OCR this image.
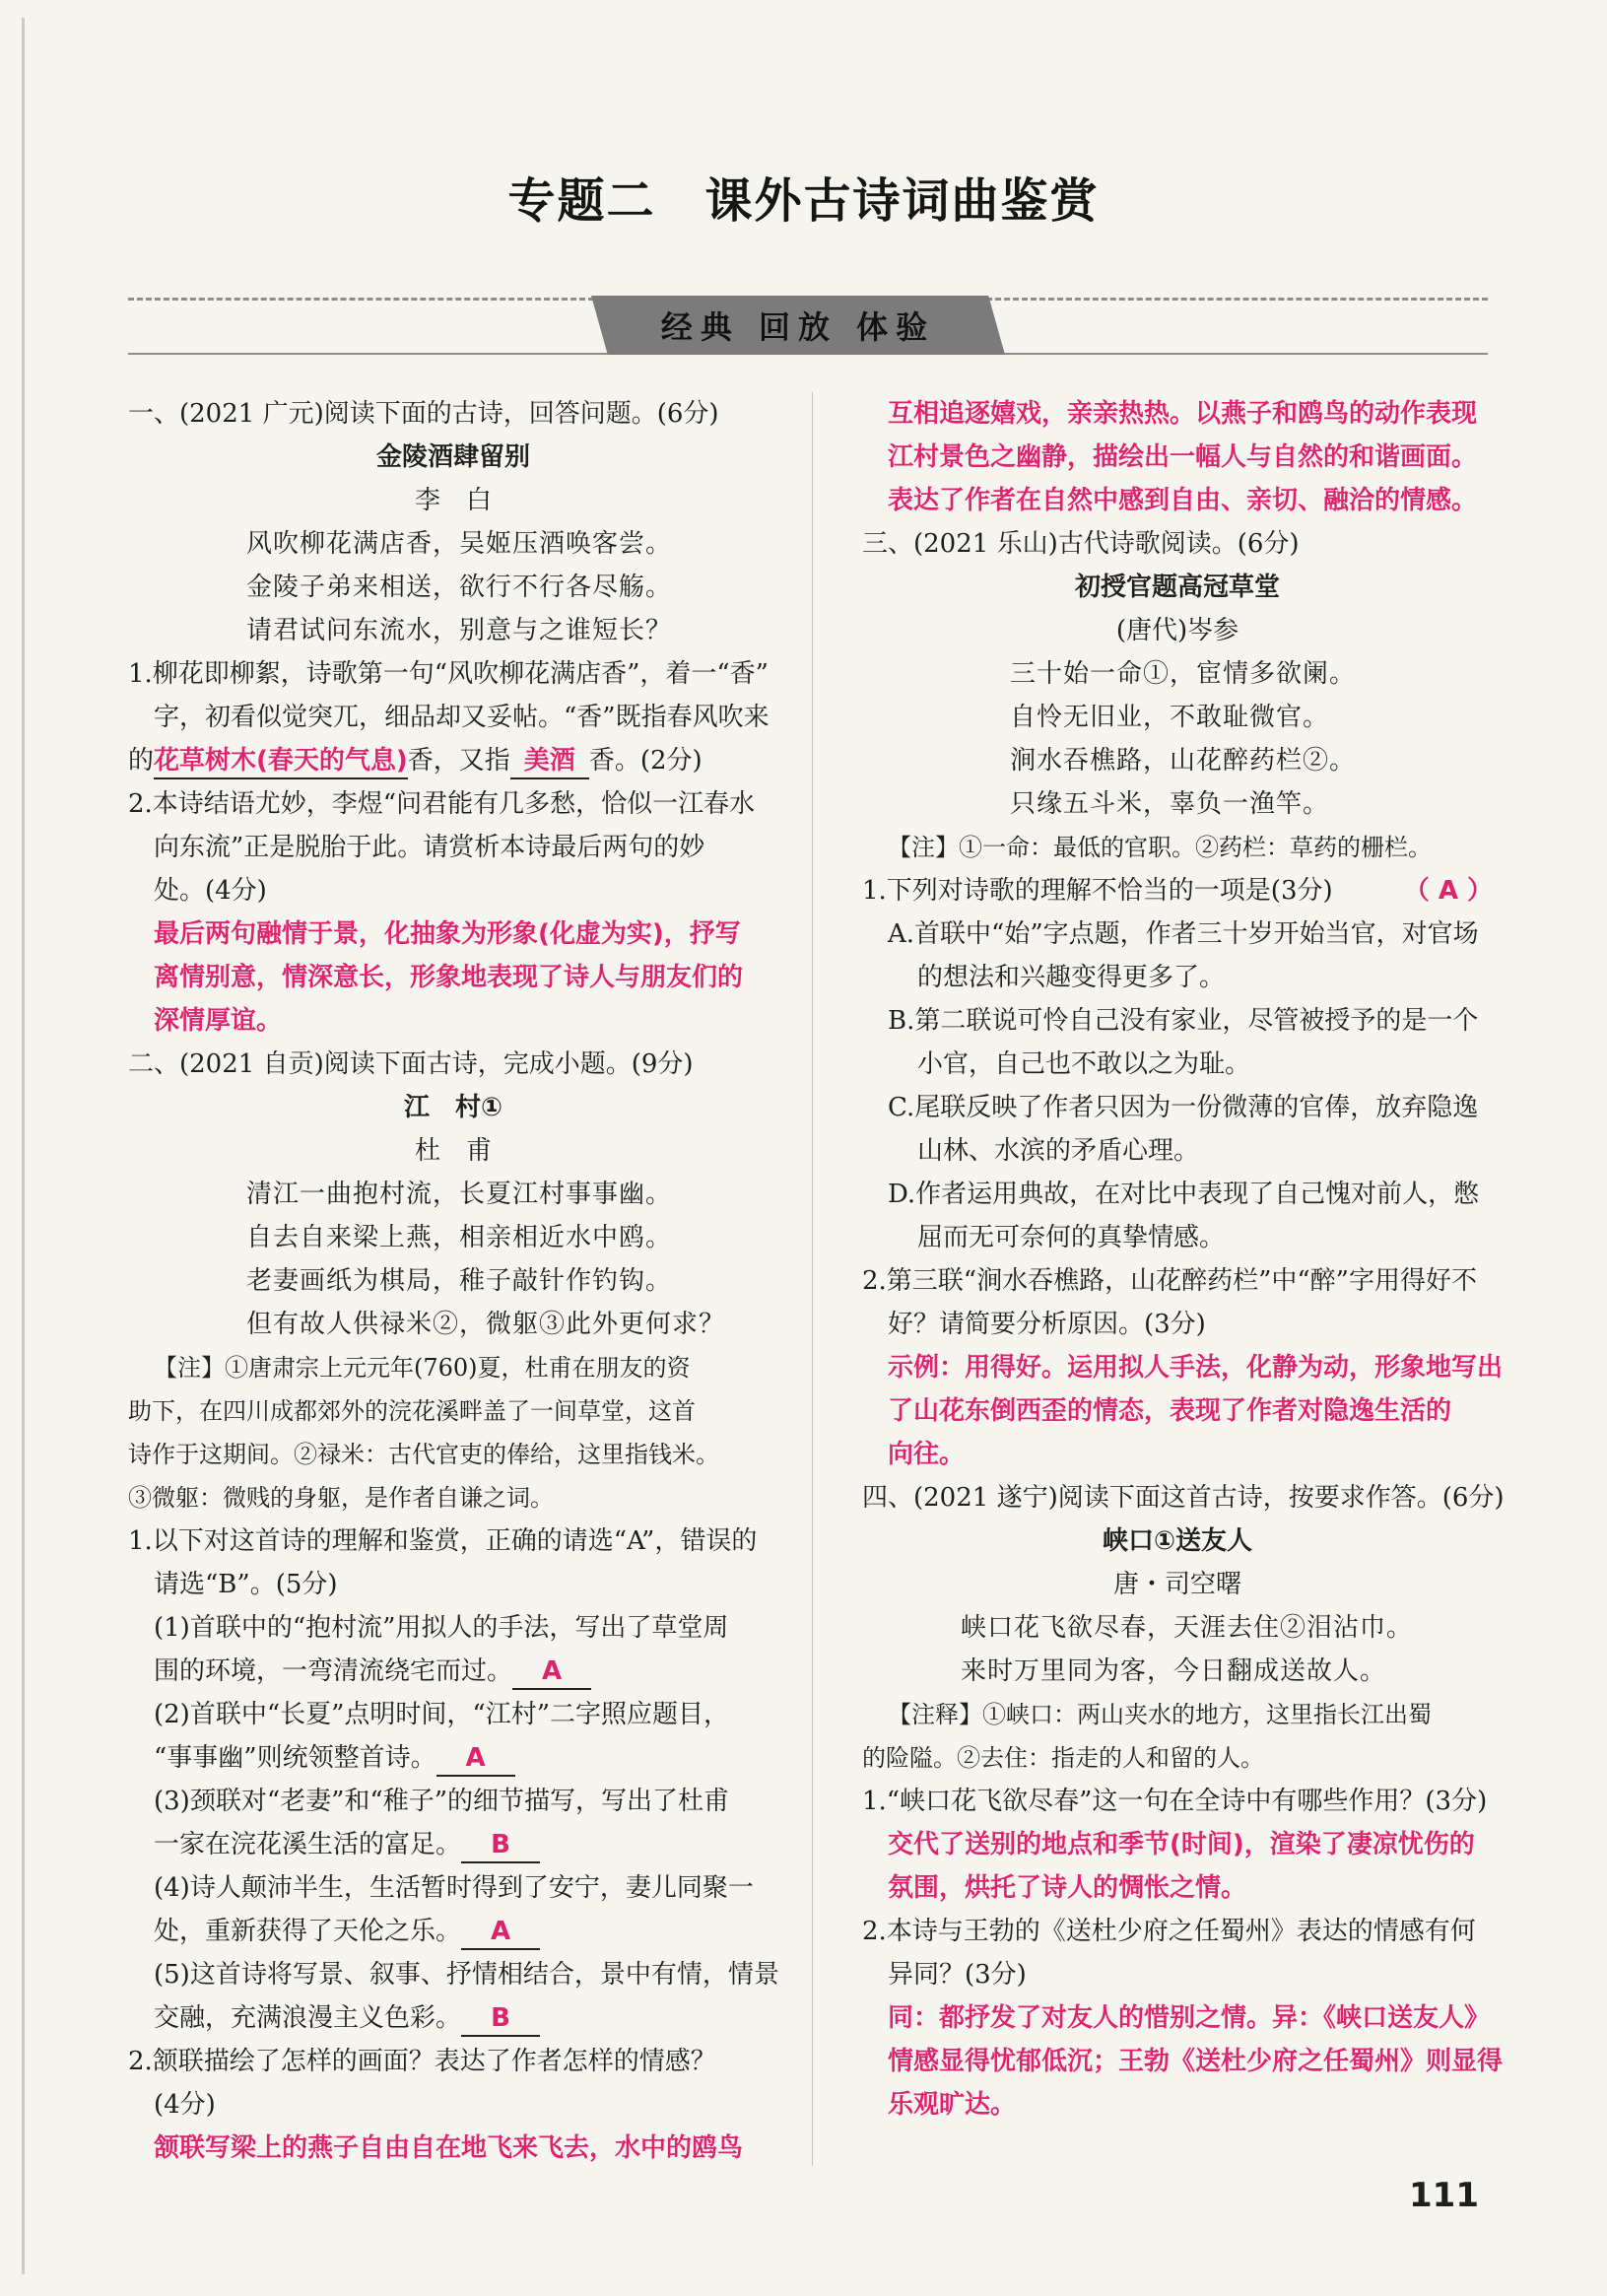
专题二　课外古诗词曲鉴赏
经典 回放 体验
一、(2021 广元)阅读下面的古诗，回答问题。(6分)
金陵酒肆留别
李　白
风吹柳花满店香，吴姬压酒唤客尝。
金陵子弟来相送，欲行不行各尽觞。
请君试问东流水，别意与之谁短长？
1.柳花即柳絮，诗歌第一句“风吹柳花满店香”，着一“香”
字，初看似觉突兀，细品却又妥帖。“香”既指春风吹来
的花草树木(春天的气息)香，又指 美酒 香。(2分)
2.本诗结语尤妙，李煜“问君能有几多愁，恰似一江春水
向东流”正是脱胎于此。请赏析本诗最后两句的妙
处。(4分)
最后两句融情于景，化抽象为形象(化虚为实)，抒写
离情别意，情深意长，形象地表现了诗人与朋友们的
深情厚谊。
二、(2021 自贡)阅读下面古诗，完成小题。(9分)
江　村①
杜　甫
清江一曲抱村流，长夏江村事事幽。
自去自来梁上燕，相亲相近水中鸥。
老妻画纸为棋局，稚子敲针作钓钩。
但有故人供禄米②，微躯③此外更何求？
【注】①唐肃宗上元元年(760)夏，杜甫在朋友的资
助下，在四川成都郊外的浣花溪畔盖了一间草堂，这首
诗作于这期间。②禄米：古代官吏的俸给，这里指钱米。
③微躯：微贱的身躯，是作者自谦之词。
1.以下对这首诗的理解和鉴赏，正确的请选“A”，错误的
请选“B”。(5分)
(1)首联中的“抱村流”用拟人的手法，写出了草堂周
围的环境，一弯清流绕宅而过。 A
(2)首联中“长夏”点明时间，“江村”二字照应题目，
“事事幽”则统领整首诗。 A
(3)颈联对“老妻”和“稚子”的细节描写，写出了杜甫
一家在浣花溪生活的富足。 B
(4)诗人颠沛半生，生活暂时得到了安宁，妻儿同聚一
处，重新获得了天伦之乐。 A
(5)这首诗将写景、叙事、抒情相结合，景中有情，情景
交融，充满浪漫主义色彩。 B
2.颔联描绘了怎样的画面？表达了作者怎样的情感？
(4分)
颔联写梁上的燕子自由自在地飞来飞去，水中的鸥鸟
互相追逐嬉戏，亲亲热热。以燕子和鸥鸟的动作表现
江村景色之幽静，描绘出一幅人与自然的和谐画面。
表达了作者在自然中感到自由、亲切、融洽的情感。
三、(2021 乐山)古代诗歌阅读。(6分)
初授官题高冠草堂
(唐代)岑参
三十始一命①，宦情多欲阑。
自怜无旧业，不敢耻微官。
涧水吞樵路，山花醉药栏②。
只缘五斗米，辜负一渔竿。
【注】①一命：最低的官职。②药栏：草药的栅栏。
1.下列对诗歌的理解不恰当的一项是(3分)	（ A ）
A.首联中“始”字点题，作者三十岁开始当官，对官场
的想法和兴趣变得更多了。
B.第二联说可怜自己没有家业，尽管被授予的是一个
小官，自己也不敢以之为耻。
C.尾联反映了作者只因为一份微薄的官俸，放弃隐逸
山林、水滨的矛盾心理。
D.作者运用典故，在对比中表现了自己愧对前人，憋
屈而无可奈何的真挚情感。
2.第三联“涧水吞樵路，山花醉药栏”中“醉”字用得好不
好？请简要分析原因。(3分)
示例：用得好。运用拟人手法，化静为动，形象地写出
了山花东倒西歪的情态，表现了作者对隐逸生活的
向往。
四、(2021 遂宁)阅读下面这首古诗，按要求作答。(6分)
峡口①送友人
唐・司空曙
峡口花飞欲尽春，天涯去住②泪沾巾。
来时万里同为客，今日翻成送故人。
【注释】①峡口：两山夹水的地方，这里指长江出蜀
的险隘。②去住：指走的人和留的人。
1.“峡口花飞欲尽春”这一句在全诗中有哪些作用？(3分)
交代了送别的地点和季节(时间)，渲染了凄凉忧伤的
氛围，烘托了诗人的惆怅之情。
2.本诗与王勃的《送杜少府之任蜀州》表达的情感有何
异同？(3分)
同：都抒发了对友人的惜别之情。异：《峡口送友人》
情感显得忧郁低沉；王勃《送杜少府之任蜀州》则显得
乐观旷达。
111
